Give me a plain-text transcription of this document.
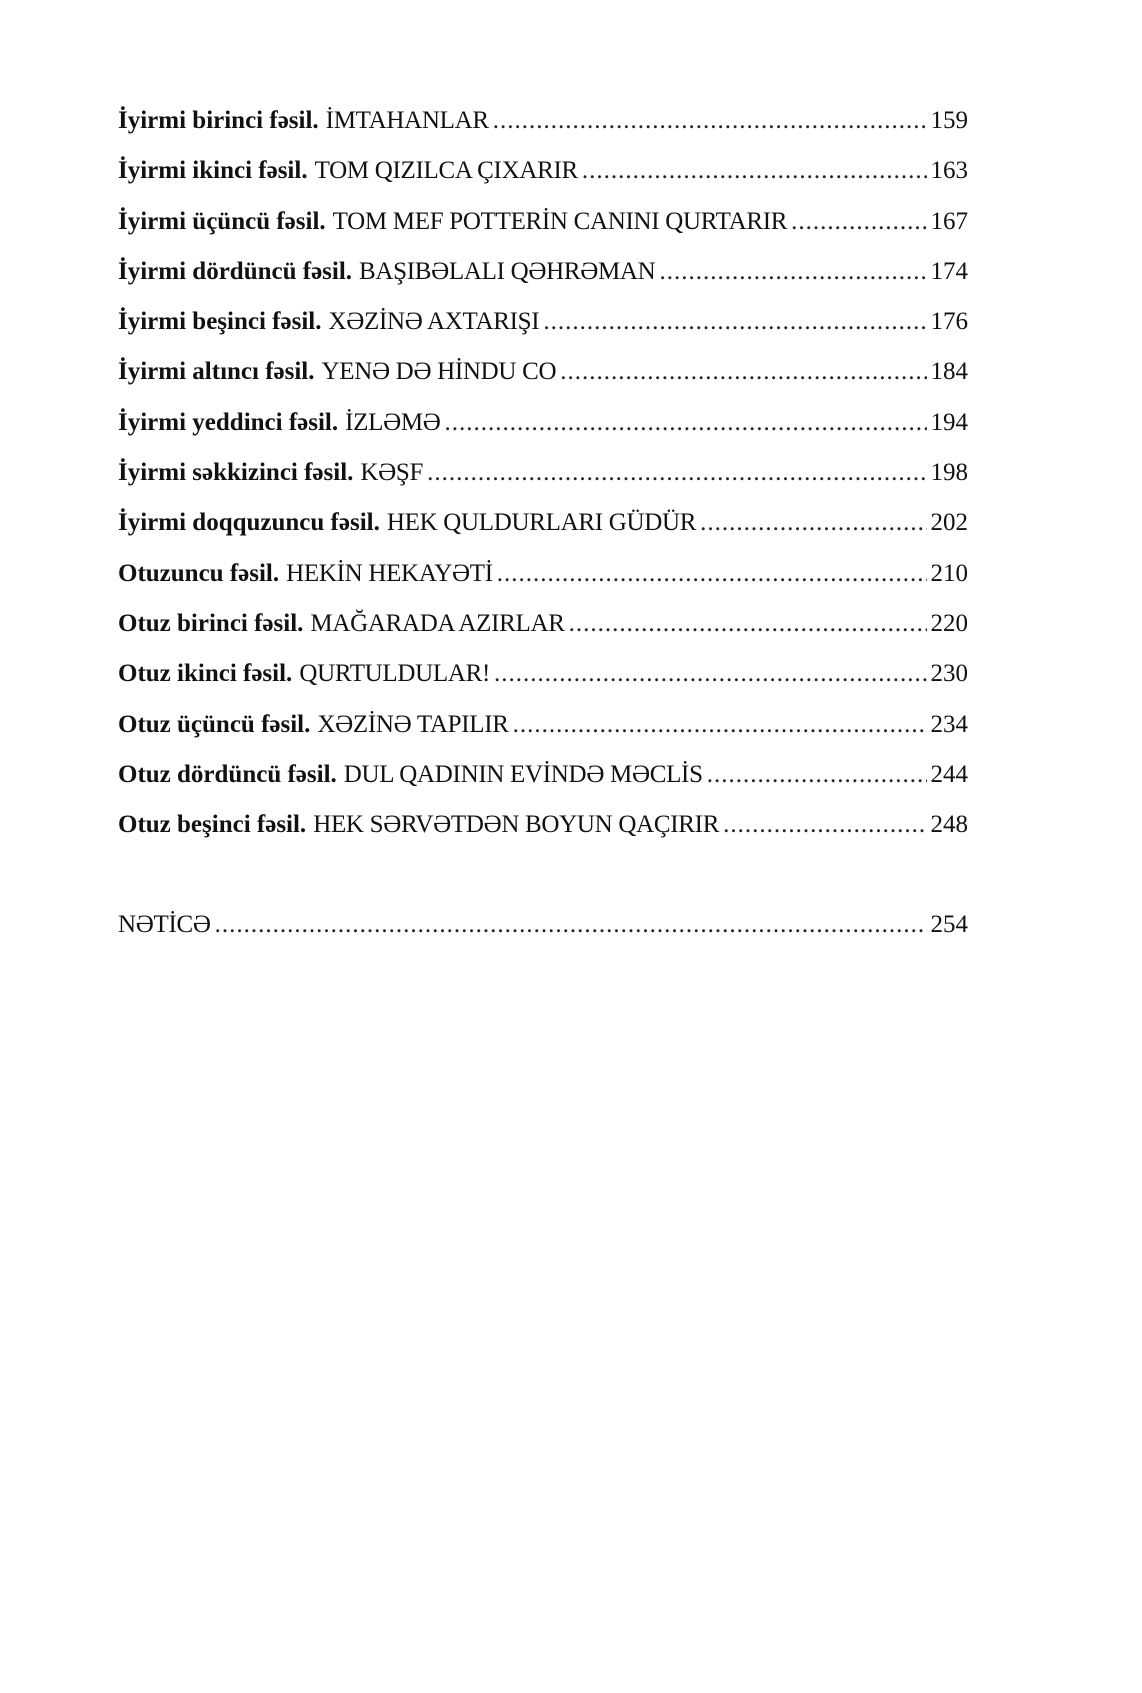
İyirmi birinci fəsil. İMTAHANLAR .....	159
İyirmi ikinci fəsil. TOM QIZILCA ÇIXARIR .....	163
İyirmi üçüncü fəsil. TOM MEF POTTERİN CANINI QURTARIR .....	167
İyirmi dördüncü fəsil. BAŞIBƏLALI QƏHRƏMAN .....	174
İyirmi beşinci fəsil. XƏZİNƏ AXTARIŞI .....	176
İyirmi altıncı fəsil. YENƏ DƏ HİNDU CO .....	184
İyirmi yeddinci fəsil. İZLƏMƏ .....	194
İyirmi səkkizinci fəsil. KƏŞF .....	198
İyirmi doqquzuncu fəsil. HEK QULDURLARI GÜDÜR .....	202
Otuzuncu fəsil. HEKİN HEKAYƏTİ .....	210
Otuz birinci fəsil. MAĞARADA AZIRLAR .....	220
Otuz ikinci fəsil. QURTULDULAR! .....	230
Otuz üçüncü fəsil. XƏZİNƏ TAPILIR .....	234
Otuz dördüncü fəsil. DUL QADININ EVİNDƏ MƏCLİS .....	244
Otuz beşinci fəsil. HEK SƏRVƏTDƏN BOYUN QAÇIRIR .....	248
NƏTİCƏ .....	254
